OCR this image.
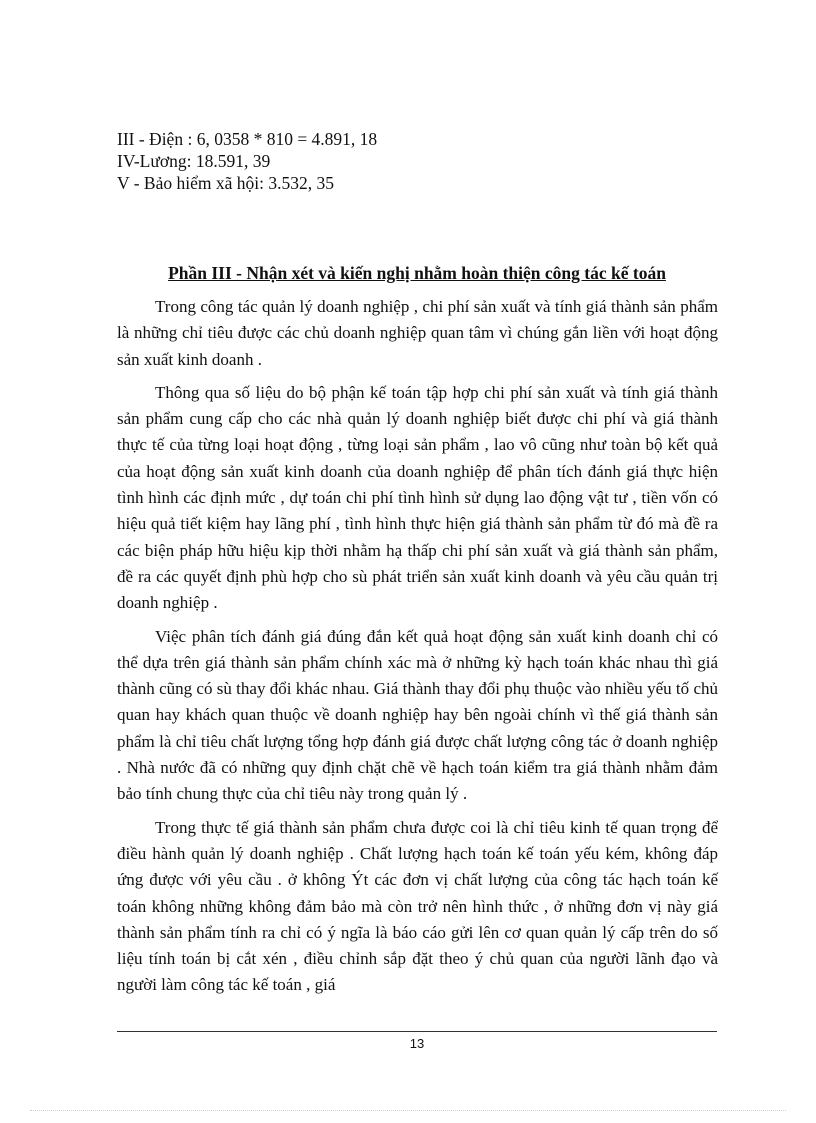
III - Điện : 6, 0358 * 810 = 4.891, 18
IV-Lương: 18.591, 39
V - Bảo hiểm xã hội: 3.532, 35
Phần III - Nhận xét và kiến nghị nhằm hoàn thiện công tác kế toán

Trong công tác quản lý doanh nghiệp , chi phí sản xuất và tính giá thành sản phẩm là những chỉ tiêu được các chủ doanh nghiệp quan tâm vì chúng gắn liền với hoạt động sản xuất kinh doanh .

Thông qua số liệu do bộ phận kế toán tập hợp chi phí sản xuất và tính giá thành sản phẩm cung cấp cho các nhà quản lý doanh nghiệp biết được chi phí và giá thành thực tế của từng loại hoạt động , từng loại sản phẩm , lao vô cũng như toàn bộ kết quả của hoạt động sản xuất kinh doanh của doanh nghiệp để phân tích đánh giá thực hiện tình hình các định mức , dự toán chi phí tình hình sử dụng lao động vật tư , tiền vốn có hiệu quả tiết kiệm hay lãng phí , tình hình thực hiện giá thành sản phẩm từ đó mà đề ra các biện pháp hữu hiệu kịp thời nhằm hạ thấp chi phí sản xuất và giá thành sản phẩm, đề ra các quyết định phù hợp cho sù phát triển sản xuất kinh doanh và yêu cầu quản trị doanh nghiệp .

Việc phân tích đánh giá đúng đắn kết quả hoạt động sản xuất kinh doanh chỉ có thể dựa trên giá thành sản phẩm chính xác mà ở những kỳ hạch toán khác nhau thì giá thành cũng có sù thay đổi khác nhau. Giá thành thay đổi phụ thuộc vào nhiều yếu tố chủ quan hay khách quan thuộc về doanh nghiệp hay bên ngoài chính vì thế giá thành sản phẩm là chỉ tiêu chất lượng tổng hợp đánh giá được chất lượng công tác ở doanh nghiệp . Nhà nước đã có những quy định chặt chẽ về hạch toán kiểm tra giá thành nhằm đảm bảo tính chung thực của chỉ tiêu này trong quản lý .

Trong thực tế giá thành sản phẩm chưa được coi là chỉ tiêu kinh tế quan trọng để điều hành quản lý doanh nghiệp . Chất lượng hạch toán kế toán yếu kém, không đáp ứng được với yêu cầu . ở không Ýt các đơn vị chất lượng của công tác hạch toán kế toán không những không đảm bảo mà còn trở nên hình thức , ở những đơn vị này giá thành sản phẩm tính ra chỉ có ý ngĩa là báo cáo gửi lên cơ quan quản lý cấp trên do số liệu tính toán bị cắt xén , điều chỉnh sắp đặt theo ý chủ quan của người lãnh đạo và người làm công tác kế toán , giá

13
